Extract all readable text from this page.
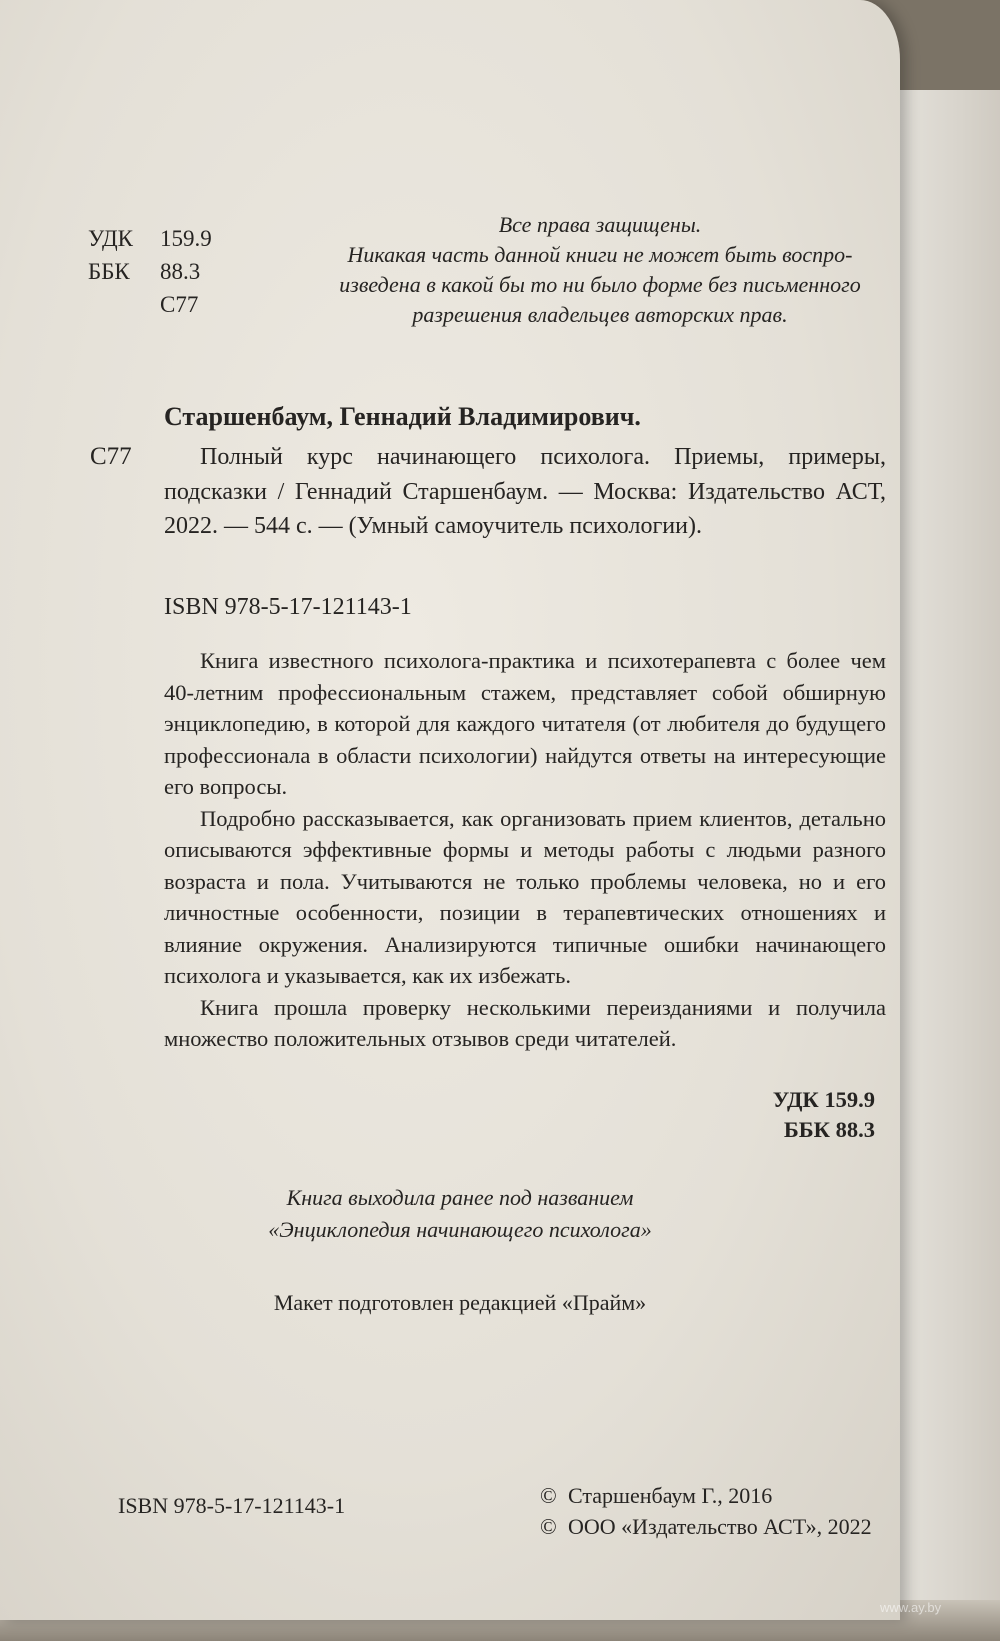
УДК 159.9
ББК 88.3
С77
Все права защищены.
Никакая часть данной книги не может быть воспро-
изведена в какой бы то ни было форме без письменного
разрешения владельцев авторских прав.
Старшенбаум, Геннадий Владимирович.
С77	Полный курс начинающего психолога. Приемы, примеры, подсказки / Геннадий Старшенбаум. — Москва: Издательство АСТ, 2022. — 544 с. — (Умный самоучитель психологии).

ISBN 978-5-17-121143-1

Книга известного психолога-практика и психотерапевта с более чем 40-летним профессиональным стажем, представляет собой обширную энциклопедию, в которой для каждого читателя (от любителя до будущего профессионала в области психологии) найдутся ответы на интересующие его вопросы.

Подробно рассказывается, как организовать прием клиентов, детально описываются эффективные формы и методы работы с людьми разного возраста и пола. Учитываются не только проблемы человека, но и его личностные особенности, позиции в терапевтических отношениях и влияние окружения. Анализируются типичные ошибки начинающего психолога и указывается, как их избежать.

Книга прошла проверку несколькими переизданиями и получила множество положительных отзывов среди читателей.

УДК 159.9
ББК 88.3
Книга выходила ранее под названием
«Энциклопедия начинающего психолога»
Макет подготовлен редакцией «Прайм»
ISBN 978-5-17-121143-1	© Старшенбаум Г., 2016
© ООО «Издательство АСТ», 2022
www.ay.by
